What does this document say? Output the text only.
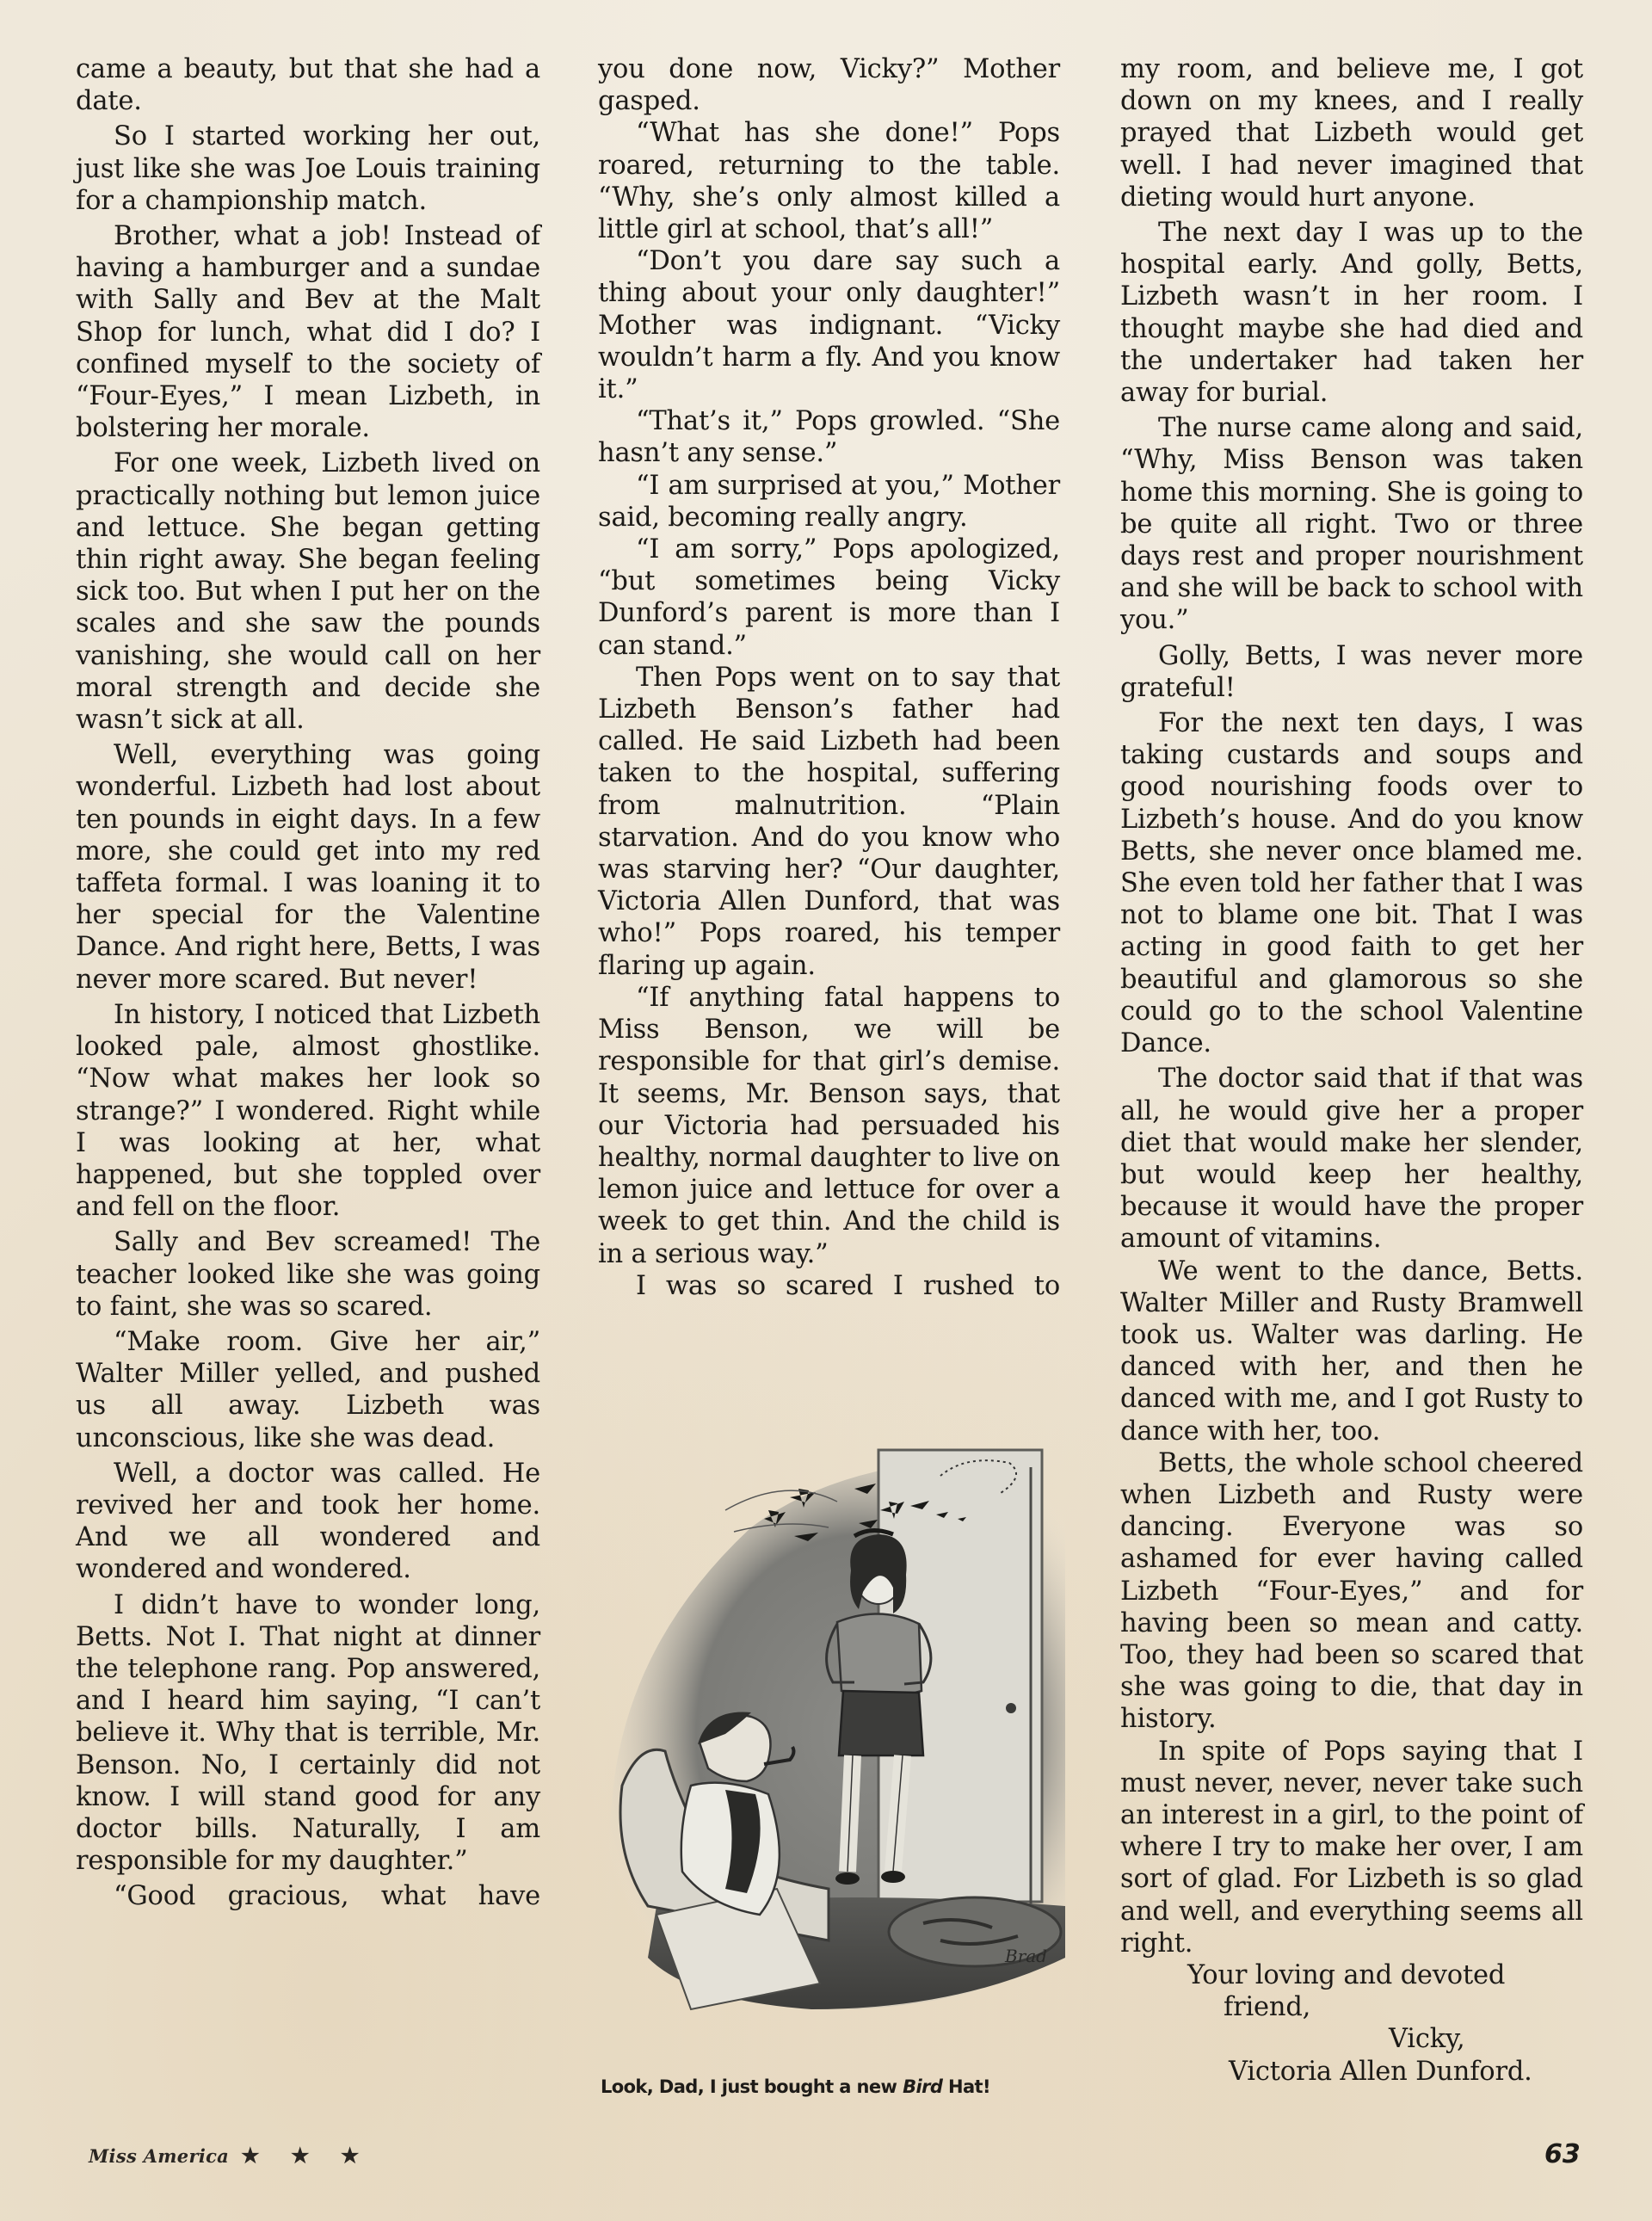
came a beauty, but that she had a date.

So I started working her out, just like she was Joe Louis training for a championship match.

Brother, what a job! Instead of having a hamburger and a sundae with Sally and Bev at the Malt Shop for lunch, what did I do? I confined myself to the society of “Four-Eyes,” I mean Lizbeth, in bolstering her morale.

For one week, Lizbeth lived on practically nothing but lemon juice and lettuce. She began getting thin right away. She began feeling sick too. But when I put her on the scales and she saw the pounds vanishing, she would call on her moral strength and decide she wasn’t sick at all.

Well, everything was going wonderful. Lizbeth had lost about ten pounds in eight days. In a few more, she could get into my red taffeta formal. I was loaning it to her special for the Valentine Dance. And right here, Betts, I was never more scared. But never!

In history, I noticed that Lizbeth looked pale, almost ghostlike. “Now what makes her look so strange?” I wondered. Right while I was looking at her, what happened, but she toppled over and fell on the floor.

Sally and Bev screamed! The teacher looked like she was going to faint, she was so scared.

“Make room. Give her air,” Walter Miller yelled, and pushed us all away. Lizbeth was unconscious, like she was dead.

Well, a doctor was called. He revived her and took her home. And we all wondered and wondered and wondered.

I didn’t have to wonder long, Betts. Not I. That night at dinner the telephone rang. Pop answered, and I heard him saying, “I can’t believe it. Why that is terrible, Mr. Benson. No, I certainly did not know. I will stand good for any doctor bills. Naturally, I am responsible for my daughter.”

“Good gracious, what have

you done now, Vicky?” Mother gasped.

“What has she done!” Pops roared, returning to the table. “Why, she’s only almost killed a little girl at school, that’s all!”

“Don’t you dare say such a thing about your only daughter!” Mother was indignant. “Vicky wouldn’t harm a fly. And you know it.”

“That’s it,” Pops growled. “She hasn’t any sense.”

“I am surprised at you,” Mother said, becoming really angry.

“I am sorry,” Pops apologized, “but sometimes being Vicky Dunford’s parent is more than I can stand.”

Then Pops went on to say that Lizbeth Benson’s father had called. He said Lizbeth had been taken to the hospital, suffering from malnutrition. “Plain starvation. And do you know who was starving her? “Our daughter, Victoria Allen Dunford, that was who!” Pops roared, his temper flaring up again.

“If anything fatal happens to Miss Benson, we will be responsible for that girl’s demise. It seems, Mr. Benson says, that our Victoria had persuaded his healthy, normal daughter to live on lemon juice and lettuce for over a week to get thin. And the child is in a serious way.”

I was so scared I rushed to

Brad
Look, Dad, I just bought a new Bird Hat!

my room, and believe me, I got down on my knees, and I really prayed that Lizbeth would get well. I had never imagined that dieting would hurt anyone.

The next day I was up to the hospital early. And golly, Betts, Lizbeth wasn’t in her room. I thought maybe she had died and the undertaker had taken her away for burial.

The nurse came along and said, “Why, Miss Benson was taken home this morning. She is going to be quite all right. Two or three days rest and proper nourishment and she will be back to school with you.”

Golly, Betts, I was never more grateful!

For the next ten days, I was taking custards and soups and good nourishing foods over to Lizbeth’s house. And do you know Betts, she never once blamed me. She even told her father that I was not to blame one bit. That I was acting in good faith to get her beautiful and glamorous so she could go to the school Valentine Dance.

The doctor said that if that was all, he would give her a proper diet that would make her slender, but would keep her healthy, because it would have the proper amount of vitamins.

We went to the dance, Betts. Walter Miller and Rusty Bramwell took us. Walter was darling. He danced with her, and then he danced with me, and I got Rusty to dance with her, too.

Betts, the whole school cheered when Lizbeth and Rusty were dancing. Everyone was so ashamed for ever having called Lizbeth “Four-Eyes,” and for having been so mean and catty. Too, they had been so scared that she was going to die, that day in history.

In spite of Pops saying that I must never, never, never take such an interest in a girl, to the point of where I try to make her over, I am sort of glad. For Lizbeth is so glad and well, and everything seems all right.

Your loving and devoted
friend,
Vicky,
Victoria Allen Dunford.
Miss America ★ ★ ★	63
